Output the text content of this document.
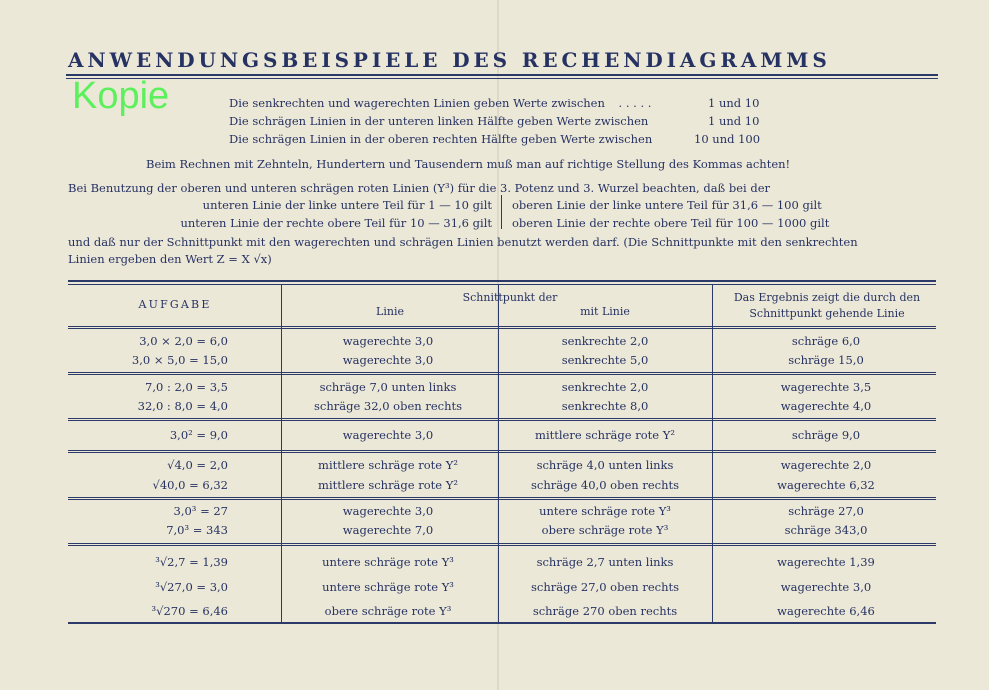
ANWENDUNGSBEISPIELE DES RECHENDIAGRAMMS
Kopie	Die senkrechten und wagerechten Linien geben Werte zwischen . . . . .	1 und 10
Die schrägen Linien in der unteren linken Hälfte geben Werte zwischen	1 und 10
Die schrägen Linien in der oberen rechten Hälfte geben Werte zwischen	10 und 100
Beim Rechnen mit Zehnteln, Hundertern und Tausendern muß man auf richtige Stellung des Kommas achten!
Bei Benutzung der oberen und unteren schrägen roten Linien (Y³) für die 3. Potenz und 3. Wurzel beachten, daß bei der
unteren Linie der linke untere Teil für 1 — 10 gilt oberen Linie der linke untere Teil für 31,6 — 100 gilt
unteren Linie der rechte obere Teil für 10 — 31,6 gilt oberen Linie der rechte obere Teil für 100 — 1000 gilt
und daß nur der Schnittpunkt mit den wagerechten und schrägen Linien benutzt werden darf. (Die Schnittpunkte mit den senkrechten
Linien ergeben den Wert Z = X √x)
AUFGABE
Schnittpunkt der
Linie	mit Linie
Das Ergebnis zeigt die durch den
Schnittpunkt gehende Linie
3,0 × 2,0 = 6,0	wagerechte 3,0	senkrechte 2,0	schräge 6,0
3,0 × 5,0 = 15,0	wagerechte 3,0	senkrechte 5,0	schräge 15,0
7,0 : 2,0 = 3,5	schräge 7,0 unten links	senkrechte 2,0	wagerechte 3,5
32,0 : 8,0 = 4,0	schräge 32,0 oben rechts	senkrechte 8,0	wagerechte 4,0
3,0² = 9,0	wagerechte 3,0	mittlere schräge rote Y²	schräge 9,0
√4,0 = 2,0	mittlere schräge rote Y²	schräge 4,0 unten links	wagerechte 2,0
√40,0 = 6,32	mittlere schräge rote Y²	schräge 40,0 oben rechts	wagerechte 6,32
3,0³ = 27	wagerechte 3,0	untere schräge rote Y³	schräge 27,0
7,0³ = 343	wagerechte 7,0	obere schräge rote Y³	schräge 343,0
³√2,7 = 1,39	untere schräge rote Y³	schräge 2,7 unten links	wagerechte 1,39
³√27,0 = 3,0	untere schräge rote Y³	schräge 27,0 oben rechts	wagerechte 3,0
³√270 = 6,46	obere schräge rote Y³	schräge 270 oben rechts	wagerechte 6,46
